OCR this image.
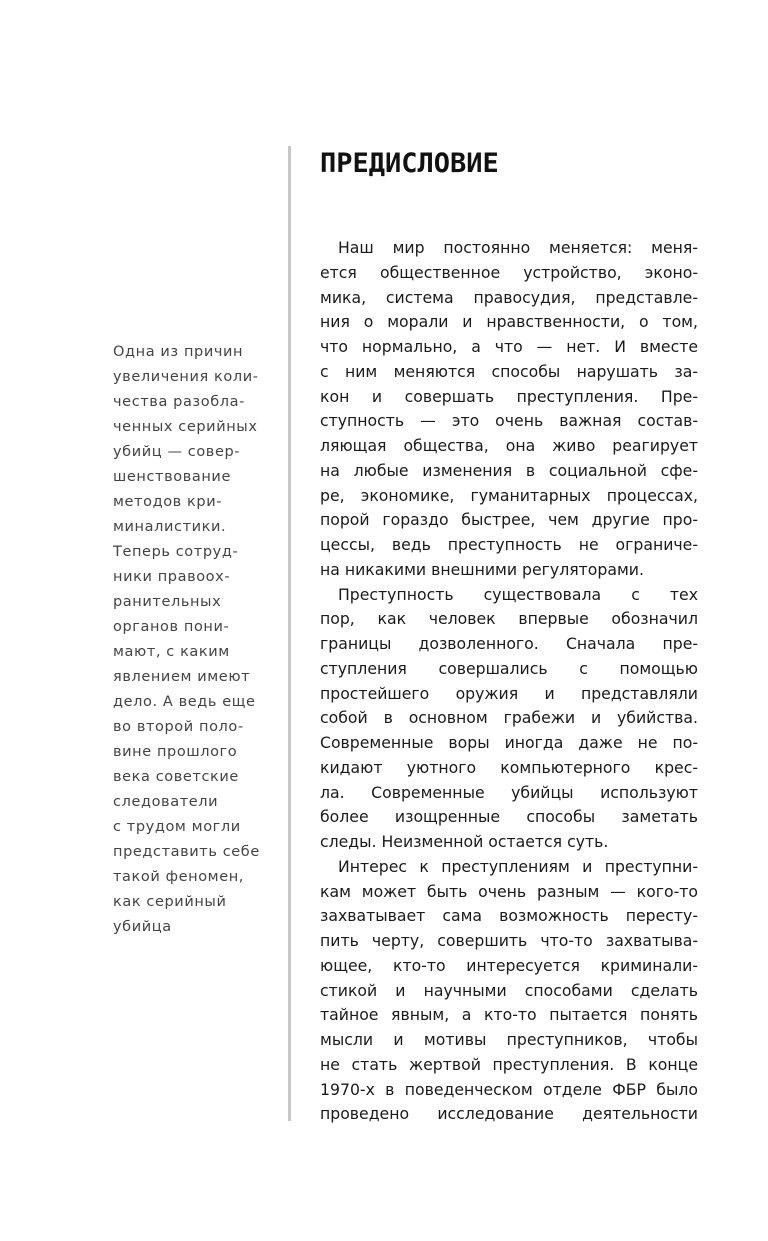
ПРЕДИСЛОВИЕ
Одна из причин
увеличения коли-
чества разобла-
ченных серийных
убийц — совер-
шенствование
методов кри-
миналистики.
Теперь сотруд-
ники правоох-
ранительных
органов пони-
мают, с каким
явлением имеют
дело. А ведь еще
во второй поло-
вине прошлого
века советские
следователи
с трудом могли
представить себе
такой феномен,
как серийный
убийца
Наш мир постоянно меняется: меня-
ется общественное устройство, эконо-
мика, система правосудия, представле-
ния о морали и нравственности, о том,
что нормально, а что — нет. И вместе
с ним меняются способы нарушать за-
кон и совершать преступления. Пре-
ступность — это очень важная состав-
ляющая общества, она живо реагирует
на любые изменения в социальной сфе-
ре, экономике, гуманитарных процессах,
порой гораздо быстрее, чем другие про-
цессы, ведь преступность не ограниче-
на никакими внешними регуляторами.
Преступность существовала с тех
пор, как человек впервые обозначил
границы дозволенного. Сначала пре-
ступления совершались с помощью
простейшего оружия и представляли
собой в основном грабежи и убийства.
Современные воры иногда даже не по-
кидают уютного компьютерного крес-
ла. Современные убийцы используют
более изощренные способы заметать
следы. Неизменной остается суть.
Интерес к преступлениям и преступни-
кам может быть очень разным — кого-то
захватывает сама возможность пересту-
пить черту, совершить что-то захватыва-
ющее, кто-то интересуется криминали-
стикой и научными способами сделать
тайное явным, а кто-то пытается понять
мысли и мотивы преступников, чтобы
не стать жертвой преступления. В конце
1970-х в поведенческом отделе ФБР было
проведено исследование деятельности
